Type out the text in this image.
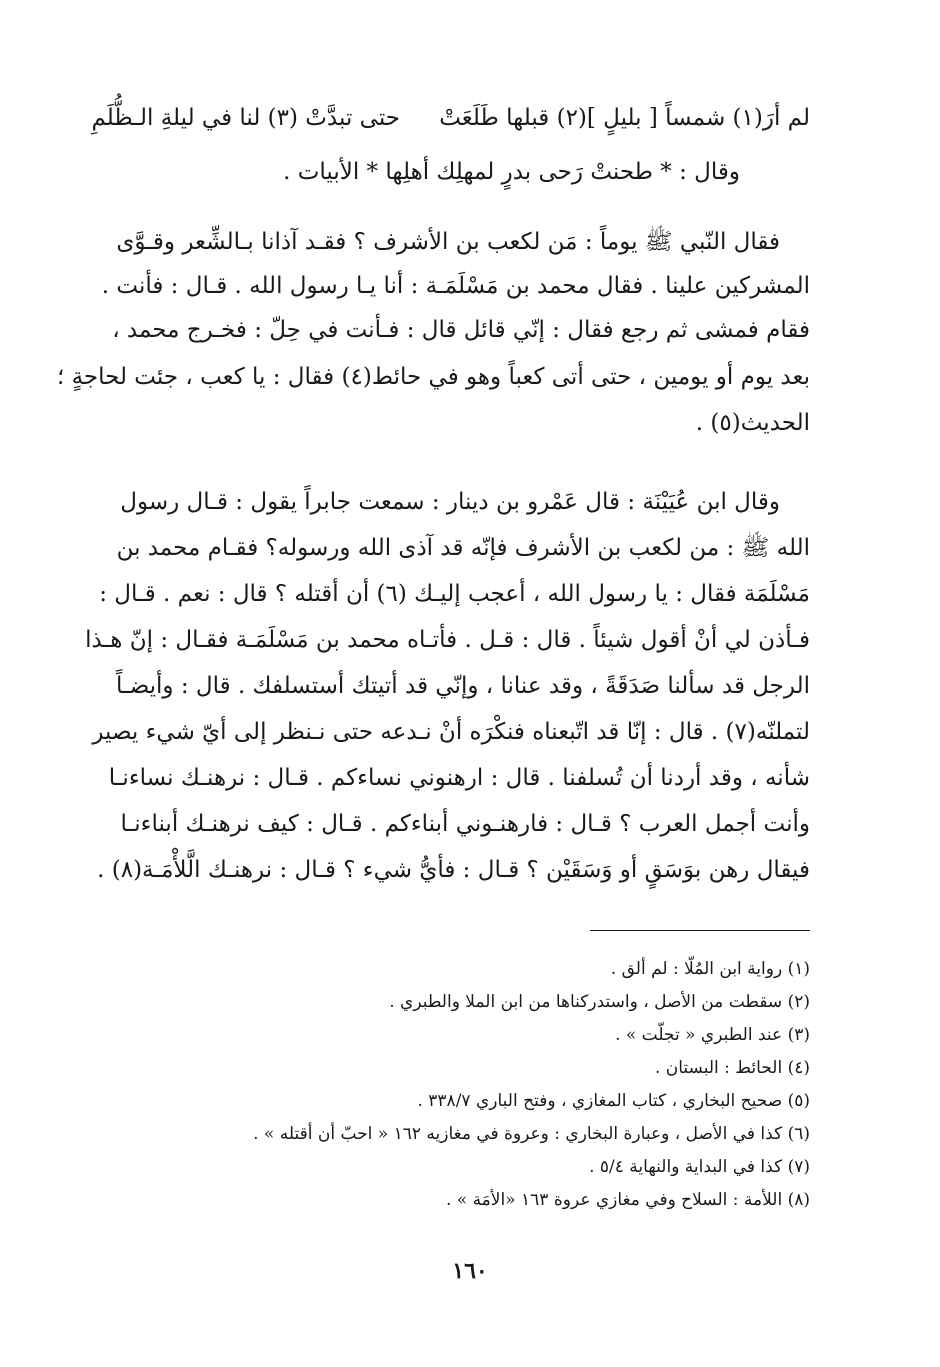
لم أرَ(١) شمساً [ بليلٍ ](٢) قبلها طَلَعَتْ
حتى تبدَّتْ (٣) لنا في ليلةِ الـظُّلَمِ
وقال : * طحنتْ رَحى بدرٍ لمهلِك أهلِها * الأبيات .
فقال النّبي ﷺ يوماً : مَن لكعب بن الأشرف ؟ فقـد آذانا بـالشِّعر وقـوَّى
المشركين علينا . فقال محمد بن مَسْلَمَـة : أنا يـا رسول الله . قـال : فأنت .
فقام فمشى ثم رجع فقال : إنّي قائل قال : فـأنت في حِلّ : فخـرج محمد ،
بعد يوم أو يومين ، حتى أتى كعباً وهو في حائط(٤) فقال : يا كعب ، جئت لحاجةٍ ؛
الحديث(٥) .
وقال ابن عُيَيْنَة : قال عَمْرو بن دينار : سمعت جابراً يقول : قـال رسول
الله ﷺ : من لكعب بن الأشرف فإنّه قد آذى الله ورسوله؟ فقـام محمد بن
مَسْلَمَة فقال : يا رسول الله ، أعجب إليـك (٦) أن أقتله ؟ قال : نعم . قـال :
فـأذن لي أنْ أقول شيئاً . قال : قـل . فأتـاه محمد بن مَسْلَمَـة فقـال : إنّ هـذا
الرجل قد سألنا صَدَقَةً ، وقد عنانا ، وإنّي قد أتيتك أستسلفك . قال : وأيضـاً
لتملنّه(٧) . قال : إنّا قد اتّبعناه فنكْرَه أنْ نـدعه حتى نـنظر إلى أيّ شيء يصير
شأنه ، وقد أردنا أن تُسلفنا . قال : ارهنوني نساءكم . قـال : نرهنـك نساءنـا
وأنت أجمل العرب ؟ قـال : فارهنـوني أبناءكم . قـال : كيف نرهنـك أبناءنـا
فيقال رهن بوَسَقٍ أو وَسَقَيْن ؟ قـال : فأيُّ شيء ؟ قـال : نرهنـك الَّلأْمَـة(٨) .
(١) رواية ابن المُلّا : لم ألق .
(٢) سقطت من الأصل ، واستدركناها من ابن الملا والطبري .
(٣) عند الطبري « تجلّت » .
(٤) الحائط : البستان .
(٥) صحيح البخاري ، كتاب المغازي ، وفتح الباري ٣٣٨/٧ .
(٦) كذا في الأصل ، وعبارة البخاري : وعروة في مغازيه ١٦٢ « احبّ أن أقتله » .
(٧) كذا في البداية والنهاية ٥/٤ .
(٨) اللأمة : السلاح وفي مغازي عروة ١٦٣ «الأمَة » .
١٦٠
